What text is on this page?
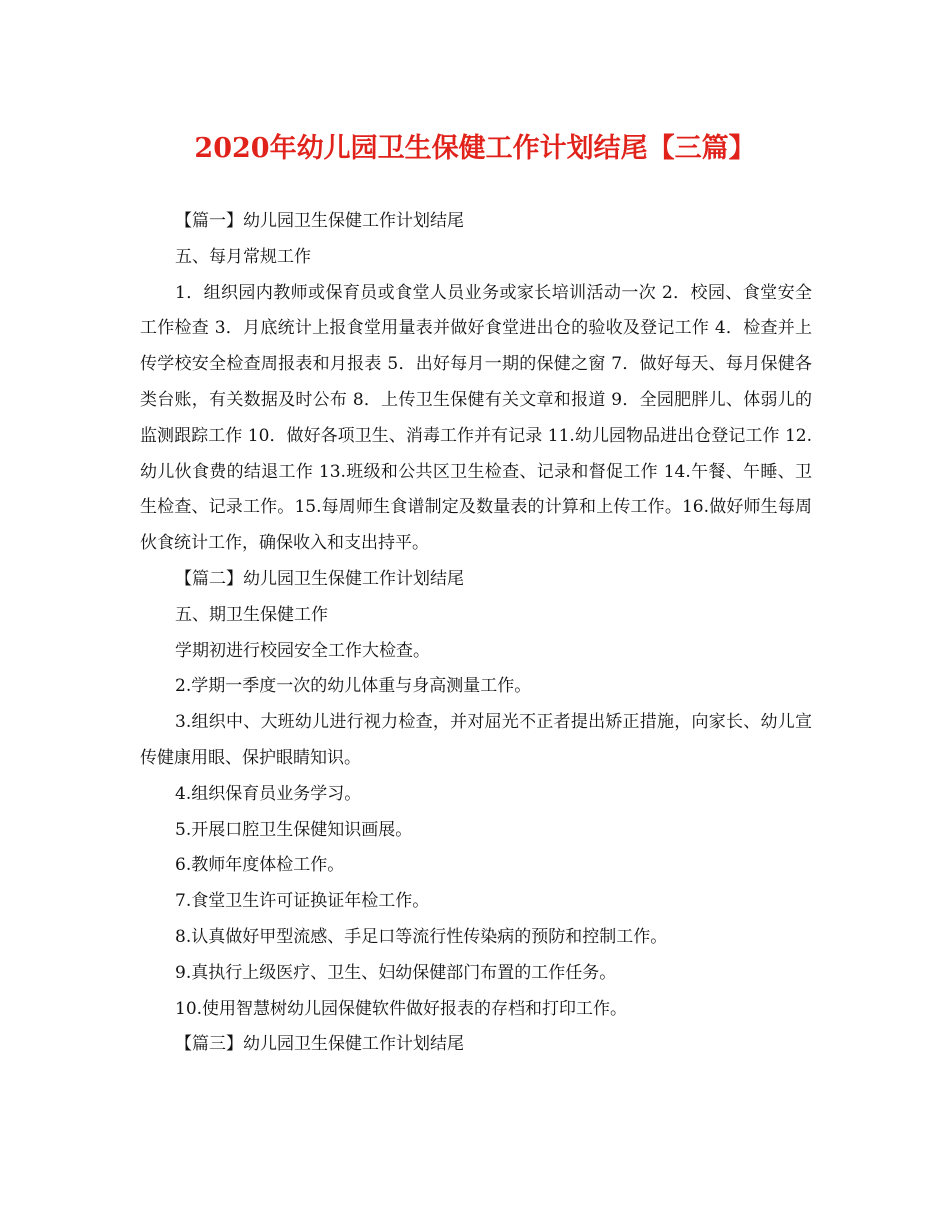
2020年幼儿园卫生保健工作计划结尾【三篇】

【篇一】幼儿园卫生保健工作计划结尾

五、每月常规工作

1．组织园内教师或保育员或食堂人员业务或家长培训活动一次 2．校园、食堂安全工作检查 3．月底统计上报食堂用量表并做好食堂进出仓的验收及登记工作 4．检查并上传学校安全检查周报表和月报表 5．出好每月一期的保健之窗 7．做好每天、每月保健各类台账，有关数据及时公布 8．上传卫生保健有关文章和报道 9．全园肥胖儿、体弱儿的监测跟踪工作 10．做好各项卫生、消毒工作并有记录 11.幼儿园物品进出仓登记工作 12.幼儿伙食费的结退工作 13.班级和公共区卫生检查、记录和督促工作 14.午餐、午睡、卫生检查、记录工作。15.每周师生食谱制定及数量表的计算和上传工作。16.做好师生每周伙食统计工作，确保收入和支出持平。

【篇二】幼儿园卫生保健工作计划结尾

五、期卫生保健工作

学期初进行校园安全工作大检查。

2.学期一季度一次的幼儿体重与身高测量工作。

3.组织中、大班幼儿进行视力检查，并对屈光不正者提出矫正措施，向家长、幼儿宣传健康用眼、保护眼睛知识。

4.组织保育员业务学习。

5.开展口腔卫生保健知识画展。

6.教师年度体检工作。

7.食堂卫生许可证换证年检工作。

8.认真做好甲型流感、手足口等流行性传染病的预防和控制工作。

9.真执行上级医疗、卫生、妇幼保健部门布置的工作任务。

10.使用智慧树幼儿园保健软件做好报表的存档和打印工作。

【篇三】幼儿园卫生保健工作计划结尾
